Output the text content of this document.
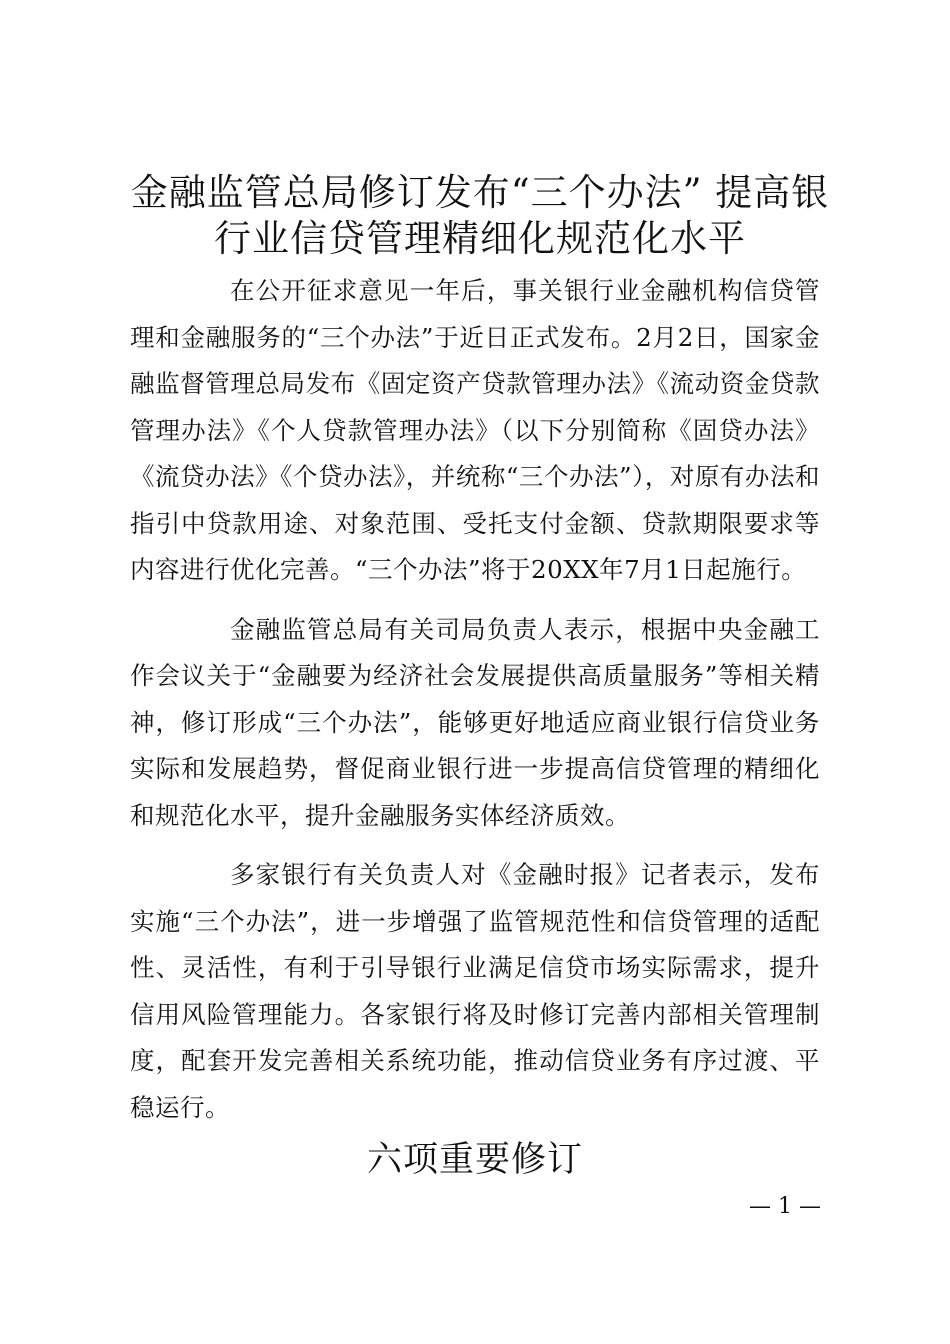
金融监管总局修订发布“三个办法” 提高银
行业信贷管理精细化规范化水平

在公开征求意见一年后，事关银行业金融机构信贷管理和金融服务的“三个办法”于近日正式发布。2月2日，国家金融监督管理总局发布《固定资产贷款管理办法》《流动资金贷款管理办法》《个人贷款管理办法》（以下分别简称《固贷办法》《流贷办法》《个贷办法》，并统称“三个办法”），对原有办法和指引中贷款用途、对象范围、受托支付金额、贷款期限要求等内容进行优化完善。“三个办法”将于20XX年7月1日起施行。

金融监管总局有关司局负责人表示，根据中央金融工作会议关于“金融要为经济社会发展提供高质量服务”等相关精神，修订形成“三个办法”，能够更好地适应商业银行信贷业务实际和发展趋势，督促商业银行进一步提高信贷管理的精细化和规范化水平，提升金融服务实体经济质效。

多家银行有关负责人对《金融时报》记者表示，发布实施“三个办法”，进一步增强了监管规范性和信贷管理的适配性、灵活性，有利于引导银行业满足信贷市场实际需求，提升信用风险管理能力。各家银行将及时修订完善内部相关管理制度，配套开发完善相关系统功能，推动信贷业务有序过渡、平稳运行。

六项重要修订
— 1 —
